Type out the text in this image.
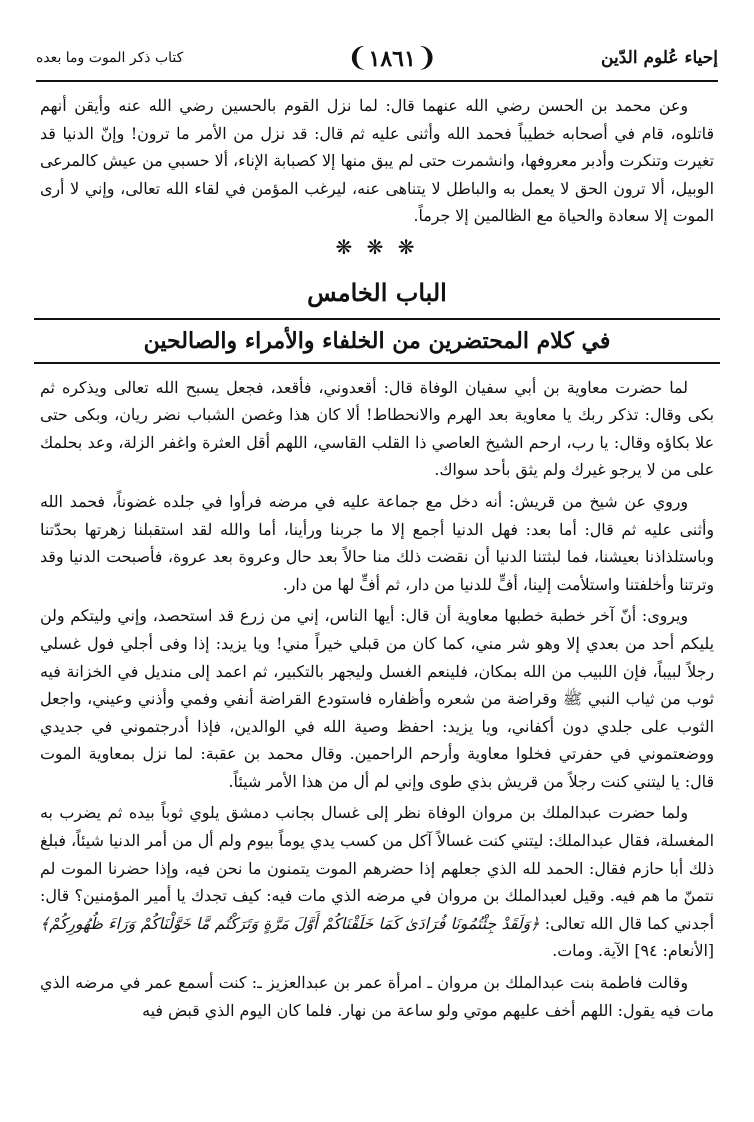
إحياء عُلوم الدّين
❨١٨٦١❩
كتاب ذكر الموت وما بعده

وعن محمد بن الحسن رضي الله عنهما قال: لما نزل القوم بالحسين رضي الله عنه وأيقن أنهم قاتلوه، قام في أصحابه خطيباً فحمد الله وأثنى عليه ثم قال: قد نزل من الأمر ما ترون! وإنّ الدنيا قد تغيرت وتنكرت وأدبر معروفها، وانشمرت حتى لم يبق منها إلا كصبابة الإناء، ألا حسبي من عيش كالمرعى الوبيل، ألا ترون الحق لا يعمل به والباطل لا يتناهى عنه، ليرغب المؤمن في لقاء الله تعالى، وإني لا أرى الموت إلا سعادة والحياة مع الظالمين إلا جرماً.

❋ ❋ ❋
الباب الخامس
في كلام المحتضرين من الخلفاء والأمراء والصالحين

لما حضرت معاوية بن أبي سفيان الوفاة قال: أقعدوني، فأقعد، فجعل يسبح الله تعالى ويذكره ثم بكى وقال: تذكر ربك يا معاوية بعد الهرم والانحطاط! ألا كان هذا وغصن الشباب نضر ريان، وبكى حتى علا بكاؤه وقال: يا رب، ارحم الشيخ العاصي ذا القلب القاسي، اللهم أقل العثرة واغفر الزلة، وعد بحلمك على من لا يرجو غيرك ولم يثق بأحد سواك.

وروي عن شيخ من قريش: أنه دخل مع جماعة عليه في مرضه فرأوا في جلده غضوناً، فحمد الله وأثنى عليه ثم قال: أما بعد: فهل الدنيا أجمع إلا ما جربنا ورأينا، أما والله لقد استقبلنا زهرتها بحدّتنا وباستلذاذنا بعيشنا، فما لبثتنا الدنيا أن نقضت ذلك منا حالاً بعد حال وعروة بعد عروة، فأصبحت الدنيا وقد وترتنا وأخلفتنا واستلأمت إلينا، أفٍّ للدنيا من دار، ثم أفٍّ لها من دار.

ويروى: أنّ آخر خطبة خطبها معاوية أن قال: أيها الناس، إني من زرع قد استحصد، وإني وليتكم ولن يليكم أحد من بعدي إلا وهو شر مني، كما كان من قبلي خيراً مني! ويا يزيد: إذا وفى أجلي فول غسلي رجلاً لبيباً، فإن اللبيب من الله بمكان، فلينعم الغسل وليجهر بالتكبير، ثم اعمد إلى منديل في الخزانة فيه ثوب من ثياب النبي ﷺ وقراضة من شعره وأظفاره فاستودع القراضة أنفي وفمي وأذني وعيني، واجعل الثوب على جلدي دون أكفاني، ويا يزيد: احفظ وصية الله في الوالدين، فإذا أدرجتموني في جديدي ووضعتموني في حفرتي فخلوا معاوية وأرحم الراحمين. وقال محمد بن عقبة: لما نزل بمعاوية الموت قال: يا ليتني كنت رجلاً من قريش بذي طوى وإني لم أل من هذا الأمر شيئاً.

ولما حضرت عبدالملك بن مروان الوفاة نظر إلى غسال بجانب دمشق يلوي ثوباً بيده ثم يضرب به المغسلة، فقال عبدالملك: ليتني كنت غسالاً آكل من كسب يدي يوماً بيوم ولم أل من أمر الدنيا شيئاً، فبلغ ذلك أبا حازم فقال: الحمد لله الذي جعلهم إذا حضرهم الموت يتمنون ما نحن فيه، وإذا حضرنا الموت لم نتمنّ ما هم فيه. وقيل لعبدالملك بن مروان في مرضه الذي مات فيه: كيف تجدك يا أمير المؤمنين؟ قال: أجدني كما قال الله تعالى: ﴿وَلَقَدْ جِئْتُمُونَا فُرَادَىٰ كَمَا خَلَقْنَاكُمْ أَوَّلَ مَرَّةٍ وَتَرَكْتُم مَّا خَوَّلْنَاكُمْ وَرَاءَ ظُهُورِكُمْ﴾ [الأنعام: ٩٤] الآية. ومات.

وقالت فاطمة بنت عبدالملك بن مروان ـ امرأة عمر بن عبدالعزيز ـ: كنت أسمع عمر في مرضه الذي مات فيه يقول: اللهم أخف عليهم موتي ولو ساعة من نهار. فلما كان اليوم الذي قبض فيه
